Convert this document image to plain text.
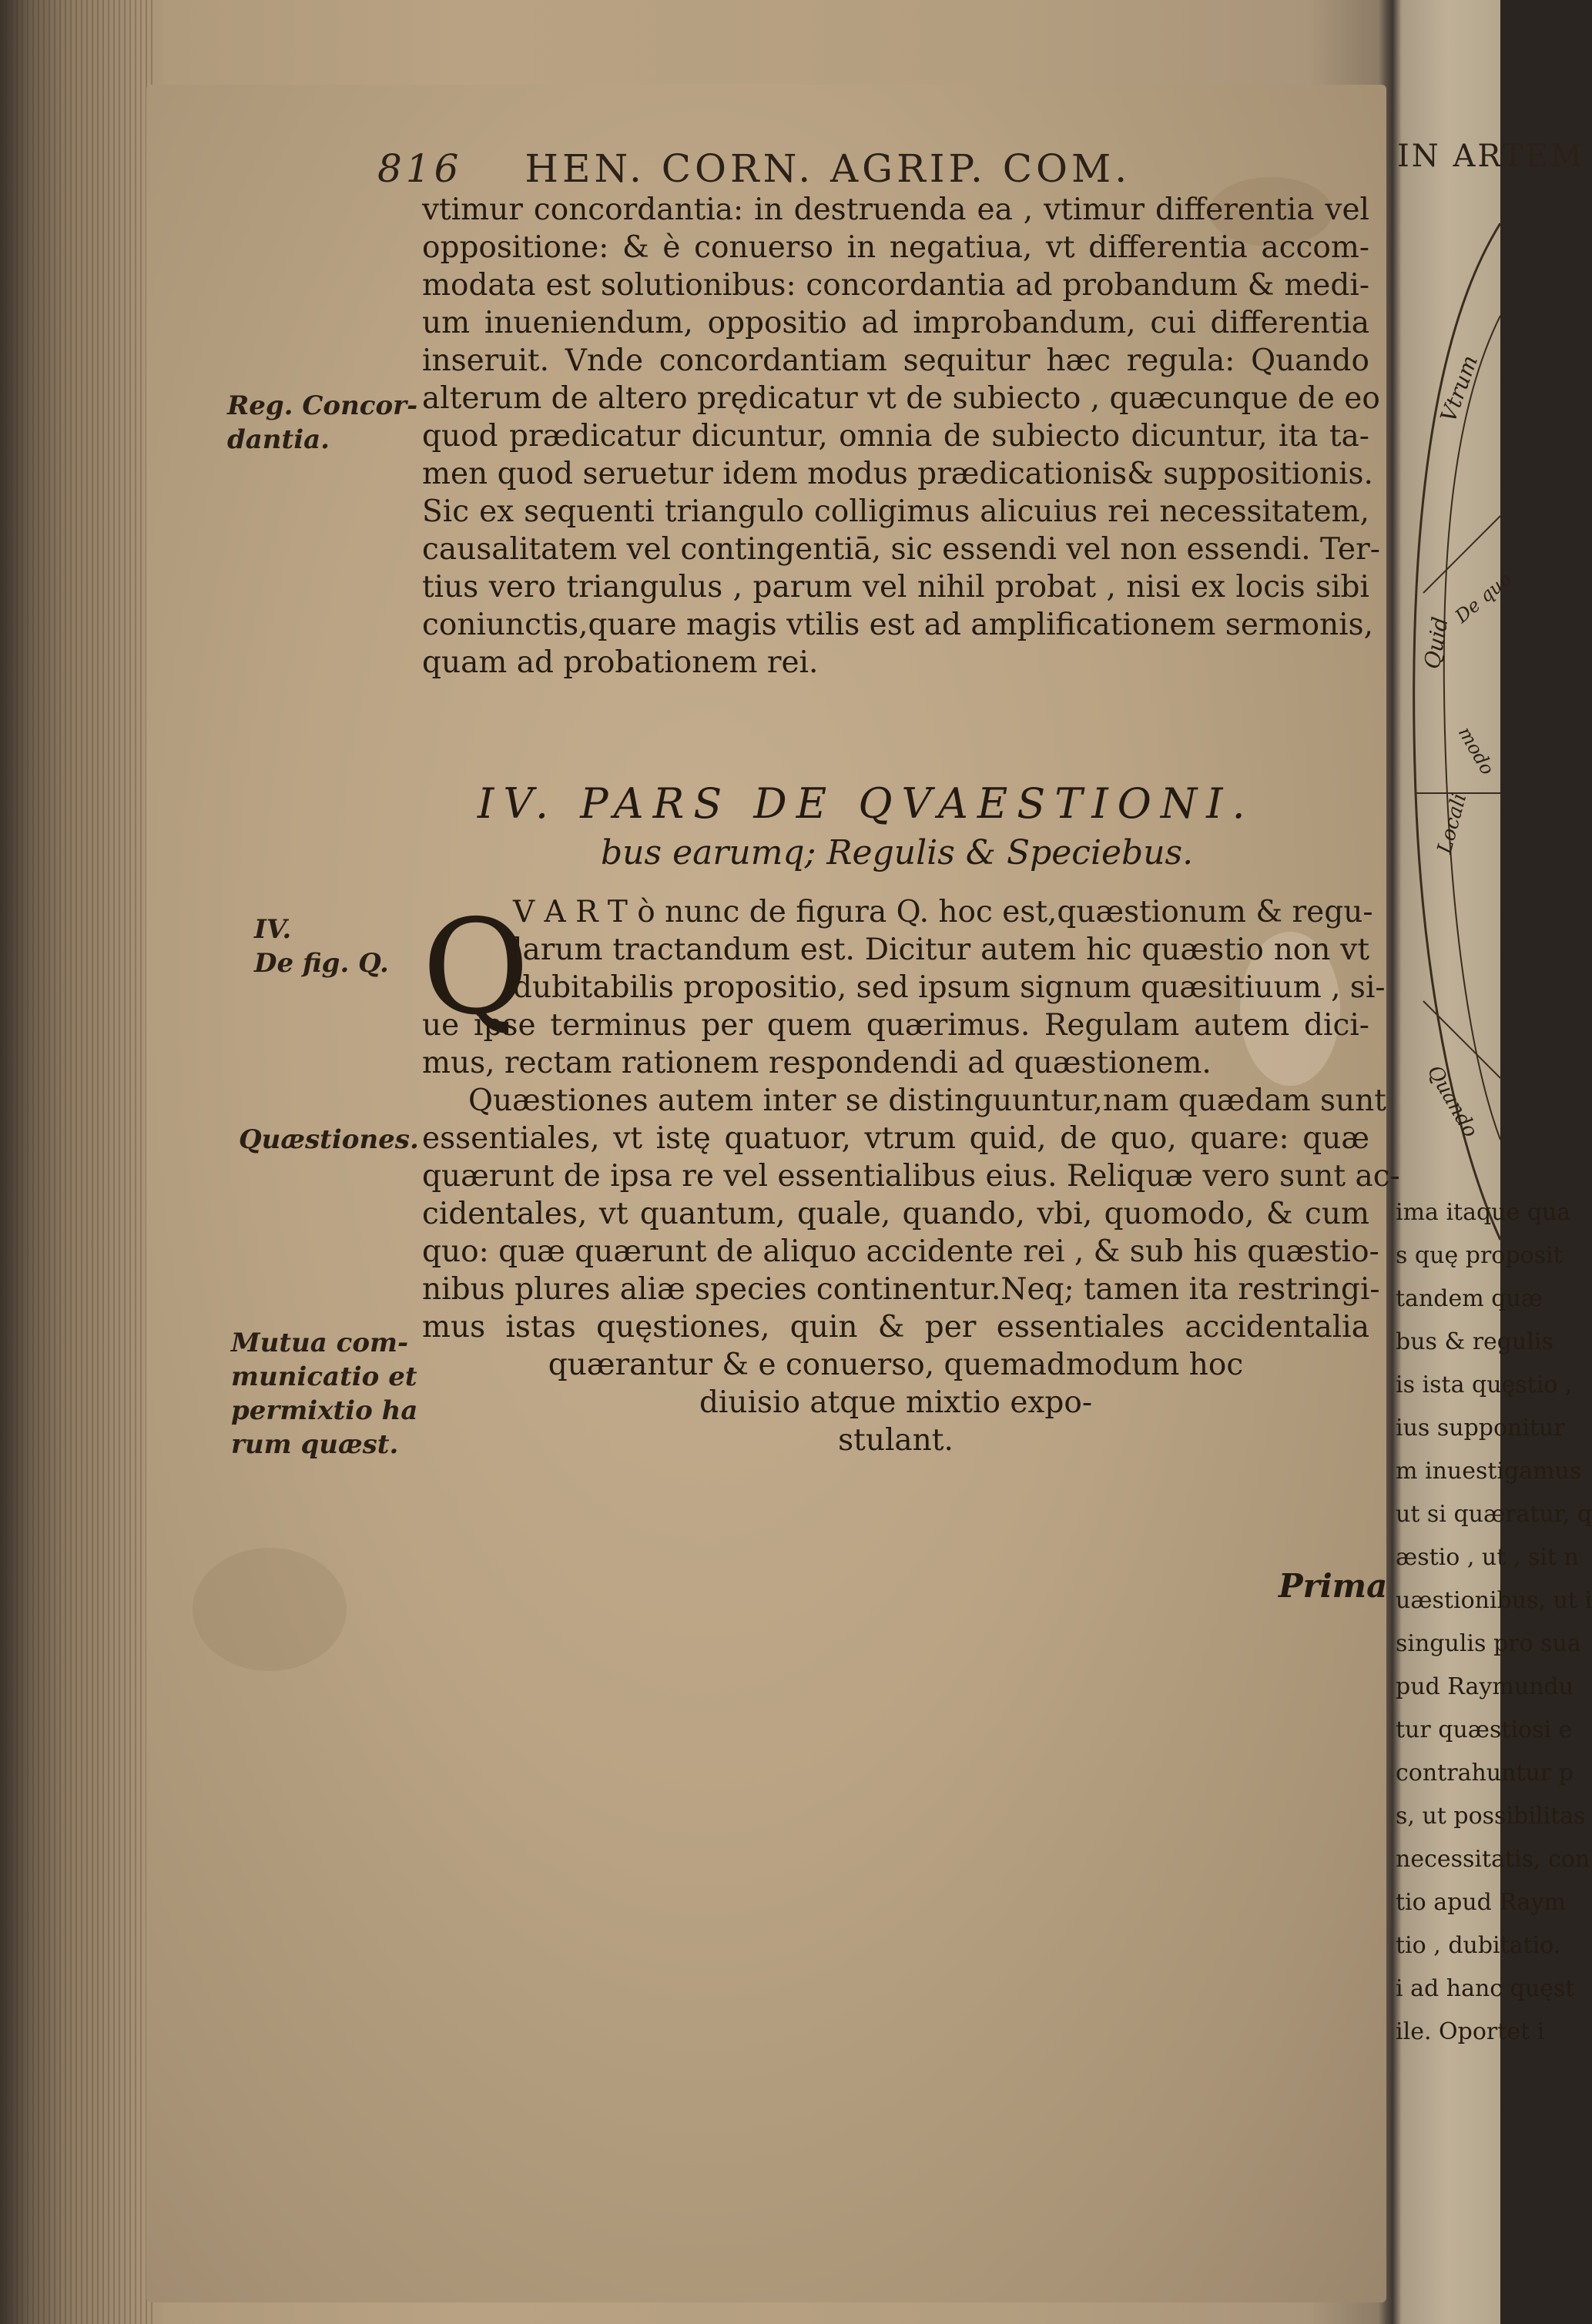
816 HEN. CORN. AGRIP. COM.
vtimur concordantia: in destruenda ea , vtimur differentia vel
oppositione: & è conuerso in negatiua, vt differentia accom-
modata est solutionibus: concordantia ad probandum & medi-
um inueniendum, oppositio ad improbandum, cui differentia
inseruit. Vnde concordantiam sequitur hæc regula: Quando
alterum de altero prędicatur vt de subiecto , quæcunque de eo
quod prædicatur dicuntur, omnia de subiecto dicuntur, ita ta-
men quod seruetur idem modus prædicationis& suppositionis.
Sic ex sequenti triangulo colligimus alicuius rei necessitatem,
causalitatem vel contingentiā, sic essendi vel non essendi. Ter-
tius vero triangulus , parum vel nihil probat , nisi ex locis sibi
coniunctis,quare magis vtilis est ad amplificationem sermonis,
quam ad probationem rei.
IV. PARS DE QVAESTIONI.
bus earumq; Regulis & Speciebus.
Q
V A R T ò nunc de figura Q. hoc est,quæstionum & regu-
larum tractandum est. Dicitur autem hic quæstio non vt
dubitabilis propositio, sed ipsum signum quæsitiuum , si-
ue ipse terminus per quem quærimus. Regulam autem dici-
mus, rectam rationem respondendi ad quæstionem.
Quæstiones autem inter se distinguuntur,nam quædam sunt
essentiales, vt istę quatuor, vtrum quid, de quo, quare: quæ
quærunt de ipsa re vel essentialibus eius. Reliquæ vero sunt ac-
cidentales, vt quantum, quale, quando, vbi, quomodo, & cum
quo: quæ quærunt de aliquo accidente rei , & sub his quæstio-
nibus plures aliæ species continentur.Neq; tamen ita restringi-
mus istas quęstiones, quin & per essentiales accidentalia
quærantur & e conuerso, quemadmodum hoc
diuisio atque mixtio expo-
stulant.
Prima
Reg. Concor-
dantia.
IV.
De fig. Q.
Quæstiones.
Mutua com-
municatio et
permixtio ha
rum quæst.
IN ARTEM
Vtrum
Quid
De quo
modo
Locali
Quando
ima itaque qua
s quę proposit
tandem quæ
bus & regulis
is ista quęstio ,
ius supponitur
m inuestigamus
ut si quæratur, q
æstio , ut , sit n
uæstionibus, ut i
singulis pro sua
pud Raymundu
tur quæstiosi e
contrahuntur p
s, ut possibilitas
necessitatis, con
tio apud Raym
tio , dubitatio.
i ad hanc quęst
ile. Oportet i
